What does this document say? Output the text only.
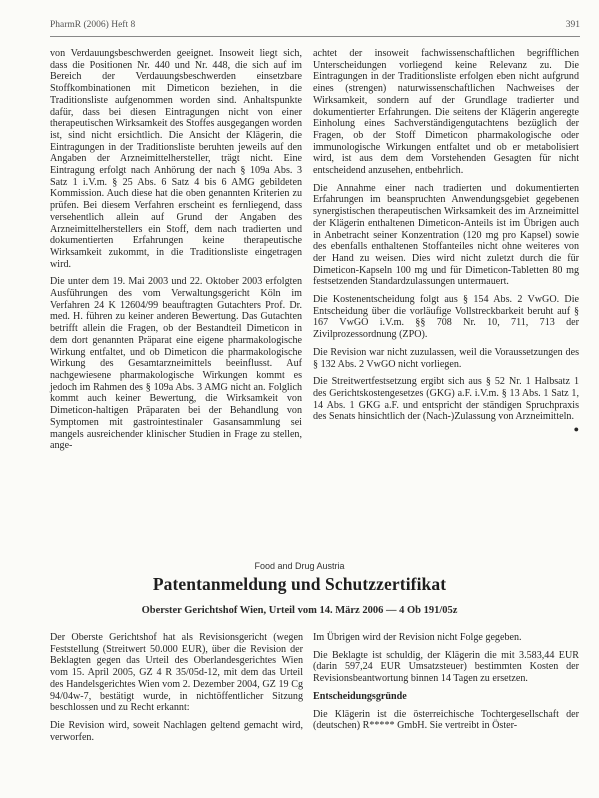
PharmR (2006) Heft 8	391

von Verdauungsbeschwerden geeignet. Insoweit liegt sich, dass die Positionen Nr. 440 und Nr. 448, die sich auf im Bereich der Verdauungsbeschwerden einsetzbare Stoffkombinationen mit Dimeticon beziehen, in die Traditionsliste aufgenommen worden sind. Anhaltspunkte dafür, dass bei diesen Eintragungen nicht von einer therapeutischen Wirksamkeit des Stoffes ausgegangen worden ist, sind nicht ersichtlich. Die Ansicht der Klägerin, die Eintragungen in der Traditionsliste beruhten jeweils auf den Angaben der Arzneimittelhersteller, trägt nicht. Eine Eintragung erfolgt nach Anhörung der nach § 109a Abs. 3 Satz 1 i.V.m. § 25 Abs. 6 Satz 4 bis 6 AMG gebildeten Kommission. Auch diese hat die oben genannten Kriterien zu prüfen. Bei diesem Verfahren erscheint es fernliegend, dass versehentlich allein auf Grund der Angaben des Arzneimittelherstellers ein Stoff, dem nach tradierten und dokumentierten Erfahrungen keine therapeutische Wirksamkeit zukommt, in die Traditionsliste eingetragen wird.

Die unter dem 19. Mai 2003 und 22. Oktober 2003 erfolgten Ausführungen des vom Verwaltungsgericht Köln im Verfahren 24 K 12604/99 beauftragten Gutachters Prof. Dr. med. H. führen zu keiner anderen Bewertung. Das Gutachten betrifft allein die Fragen, ob der Bestandteil Dimeticon in dem dort genannten Präparat eine eigene pharmakologische Wirkung entfaltet, und ob Dimeticon die pharmakologische Wirkung des Gesamtarzneimittels beeinflusst. Auf nachgewiesene pharmakologische Wirkungen kommt es jedoch im Rahmen des § 109a Abs. 3 AMG nicht an. Folglich kommt auch keiner Bewertung, die Wirksamkeit von Dimeticon-haltigen Präparaten bei der Behandlung von Symptomen mit gastrointestinaler Gasansammlung sei mangels ausreichender klinischer Studien in Frage zu stellen, ange-

achtet der insoweit fachwissenschaftlichen begrifflichen Unterscheidungen vorliegend keine Relevanz zu. Die Eintragungen in der Traditionsliste erfolgen eben nicht aufgrund eines (strengen) naturwissenschaftlichen Nachweises der Wirksamkeit, sondern auf der Grundlage tradierter und dokumentierter Erfahrungen. Die seitens der Klägerin angeregte Einholung eines Sachverständigengutachtens bezüglich der Fragen, ob der Stoff Dimeticon pharmakologische oder immunologische Wirkungen entfaltet und ob er metabolisiert wird, ist aus dem dem Vorstehenden Gesagten für nicht entscheidend anzusehen, entbehrlich.

Die Annahme einer nach tradierten und dokumentierten Erfahrungen im beanspruchten Anwendungsgebiet gegebenen synergistischen therapeutischen Wirksamkeit des im Arzneimittel der Klägerin enthaltenen Dimeticon-Anteils ist im Übrigen auch in Anbetracht seiner Konzentration (120 mg pro Kapsel) sowie des ebenfalls enthaltenen Stoffanteiles nicht ohne weiteres von der Hand zu weisen. Dies wird nicht zuletzt durch die für Dimeticon-Kapseln 100 mg und für Dimeticon-Tabletten 80 mg festsetzenden Standardzulassungen untermauert.

Die Kostenentscheidung folgt aus § 154 Abs. 2 VwGO. Die Entscheidung über die vorläufige Vollstreckbarkeit beruht auf § 167 VwGO i.V.m. §§ 708 Nr. 10, 711, 713 der Zivilprozessordnung (ZPO).

Die Revision war nicht zuzulassen, weil die Voraussetzungen des § 132 Abs. 2 VwGO nicht vorliegen.

Die Streitwertfestsetzung ergibt sich aus § 52 Nr. 1 Halbsatz 1 des Gerichtskostengesetzes (GKG) a.F. i.V.m. § 13 Abs. 1 Satz 1, 14 Abs. 1 GKG a.F. und entspricht der ständigen Spruchpraxis des Senats hinsichtlich der (Nach-)Zulassung von Arzneimitteln.
●

Food and Drug Austria
Patentanmeldung und Schutzzertifikat
Oberster Gerichtshof Wien, Urteil vom 14. März 2006 — 4 Ob 191/05z

Der Oberste Gerichtshof hat als Revisionsgericht (wegen Feststellung (Streitwert 50.000 EUR), über die Revision der Beklagten gegen das Urteil des Oberlandesgerichtes Wien vom 15. April 2005, GZ 4 R 35/05d-12, mit dem das Urteil des Handelsgerichtes Wien vom 2. Dezember 2004, GZ 19 Cg 94/04w-7, bestätigt wurde, in nichtöffentlicher Sitzung beschlossen und zu Recht erkannt:

Die Revision wird, soweit Nachlagen geltend gemacht wird, verworfen.

Im Übrigen wird der Revision nicht Folge gegeben.

Die Beklagte ist schuldig, der Klägerin die mit 3.583,44 EUR (darin 597,24 EUR Umsatzsteuer) bestimmten Kosten der Revisionsbeantwortung binnen 14 Tagen zu ersetzen.

Entscheidungsgründe

Die Klägerin ist die österreichische Tochtergesellschaft der (deutschen) R***** GmbH. Sie vertreibt in Öster-
